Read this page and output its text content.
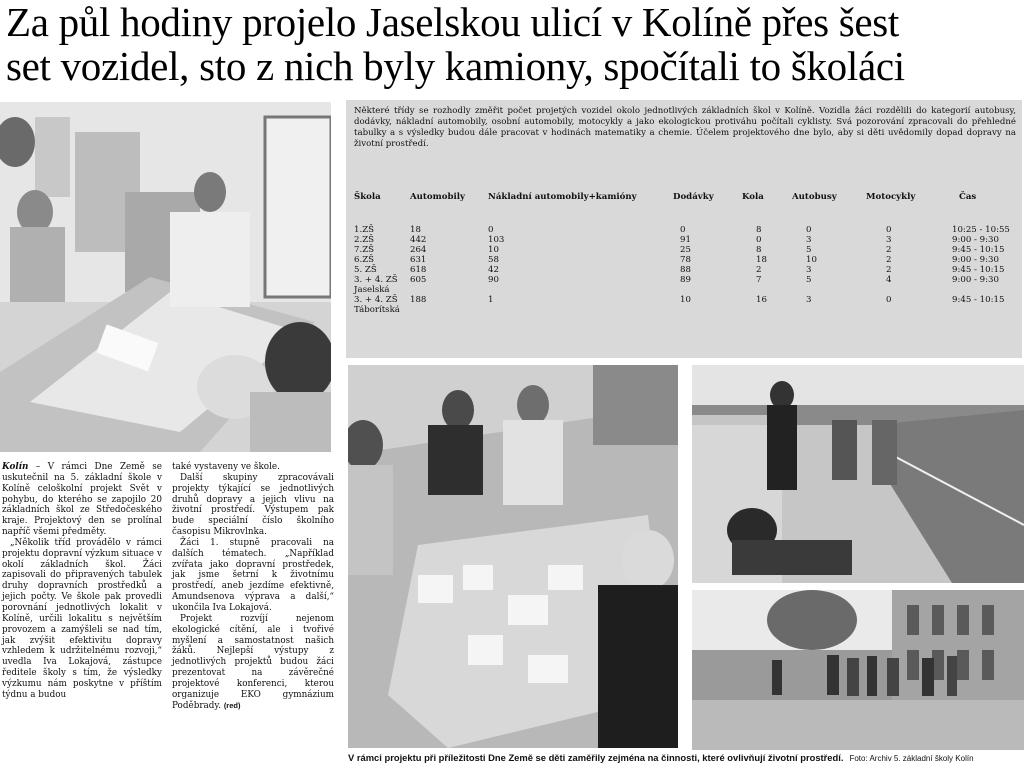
Za půl hodiny projelo Jaselskou ulicí v Kolíně přes šest
set vozidel, sto z nich byly kamiony, spočítali to školáci
Některé třídy se rozhodly změřit počet projetých vozidel okolo jednotlivých základních škol v Kolíně. Vozidla žáci rozdělili do kategorií autobusy, dodávky, nákladní automobily, osobní automobily, motocykly a jako ekologickou protiváhu počítali cyklisty. Svá pozorování zpracovali do přehledné tabulky a s výsledky budou dále pracovat v hodinách matematiky a chemie. Účelem projektového dne bylo, aby si děti uvědomily dopad dopravy na životní prostředí.
Škola	Automobily	Nákladní automobily+kamióny	Dodávky	Kola	Autobusy	Motocykly	Čas
1.ZŠ	18	0	0	8	0	0	10:25 - 10:55
2.ZŠ	442	103	91	0	3	3	9:00 - 9:30
7.ZŠ	264	10	25	8	5	2	9:45 - 10:15
6.ZŠ	631	58	78	18	10	2	9:00 - 9:30
5. ZŠ	618	42	88	2	3	2	9:45 - 10:15
3. + 4. ZŠ 605	90	89	7	5	4	9:00 - 9:30
Jaselská
3. + 4. ZŠ 188	1	10	16	3	0	9:45 - 10:15
Táborítská

Kolín – V rámci Dne Země se uskutečnil na 5. základní škole v Kolíně celoškolní projekt Svět v pohybu, do kterého se zapojilo 20 základních škol ze Středočeského kraje. Projektový den se prolínal napříč všemi předměty.

„Několik tříd provádělo v rámci projektu dopravní výzkum situace v okolí základních škol. Žáci zapisovali do připravených tabulek druhy dopravních prostředků a jejich počty. Ve škole pak provedli porovnání jednotlivých lokalit v Kolíně, určili lokalitu s největším provozem a zamýšleli se nad tím, jak zvýšit efektivitu dopravy vzhledem k udržitelnému rozvoji,“ uvedla Iva Lokajová, zástupce ředitele školy s tím, že výsledky výzkumu nám poskytne v příštím týdnu a budou

také vystaveny ve škole.

Další skupiny zpracovávali projekty týkající se jednotlivých druhů dopravy a jejich vlivu na životní prostředí. Výstupem pak bude speciální číslo školního časopisu Mikrovlnka.

Žáci 1. stupně pracovali na dalších tématech. „Například zvířata jako dopravní prostředek, jak jsme šetrní k životnímu prostředí, aneb jezdíme efektivně, Amundsenova výprava a další,“ ukončila Iva Lokajová.

Projekt rozvíjí nejenom ekologické cítění, ale i tvořivé myšlení a samostatnost našich žáků. Nejlepší výstupy z jednotlivých projektů budou žáci prezentovat na závěrečné projektové konferenci, kterou organizuje EKO gymnázium Poděbrady. (red)

V rámci projektu při příležitosti Dne Země se děti zaměřily zejména na činnosti, které ovlivňují životní prostředí. Foto: Archiv 5. základní školy Kolín
